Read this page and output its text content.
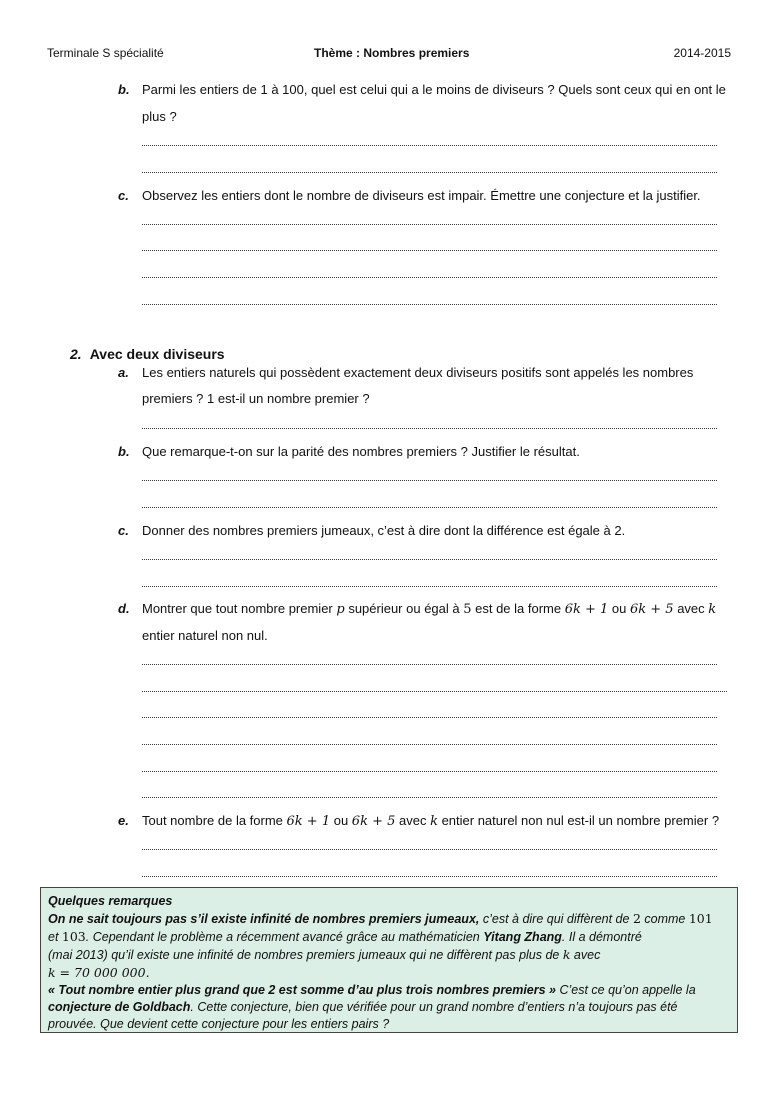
Terminale S spécialité	Thème : Nombres premiers	2014-2015
b. Parmi les entiers de 1 à 100, quel est celui qui a le moins de diviseurs ? Quels sont ceux qui en ont le
plus ?
c. Observez les entiers dont le nombre de diviseurs est impair. Émettre une conjecture et la justifier.
2. Avec deux diviseurs
a. Les entiers naturels qui possèdent exactement deux diviseurs positifs sont appelés les nombres
premiers ? 1 est-il un nombre premier ?
b. Que remarque-t-on sur la parité des nombres premiers ? Justifier le résultat.
c. Donner des nombres premiers jumeaux, c’est à dire dont la différence est égale à 2.
d. Montrer que tout nombre premier p supérieur ou égal à 5 est de la forme 6k + 1 ou 6k + 5 avec k
entier naturel non nul.
e. Tout nombre de la forme 6k + 1 ou 6k + 5 avec k entier naturel non nul est-il un nombre premier ?
Quelques remarques
On ne sait toujours pas s’il existe infinité de nombres premiers jumeaux, c’est à dire qui diffèrent de 2 comme 101
et 103. Cependant le problème a récemment avancé grâce au mathématicien Yitang Zhang. Il a démontré
(mai 2013) qu’il existe une infinité de nombres premiers jumeaux qui ne diffèrent pas plus de k avec
k = 70 000 000.
« Tout nombre entier plus grand que 2 est somme d’au plus trois nombres premiers » C’est ce qu’on appelle la
conjecture de Goldbach. Cette conjecture, bien que vérifiée pour un grand nombre d’entiers n’a toujours pas été
prouvée. Que devient cette conjecture pour les entiers pairs ?
